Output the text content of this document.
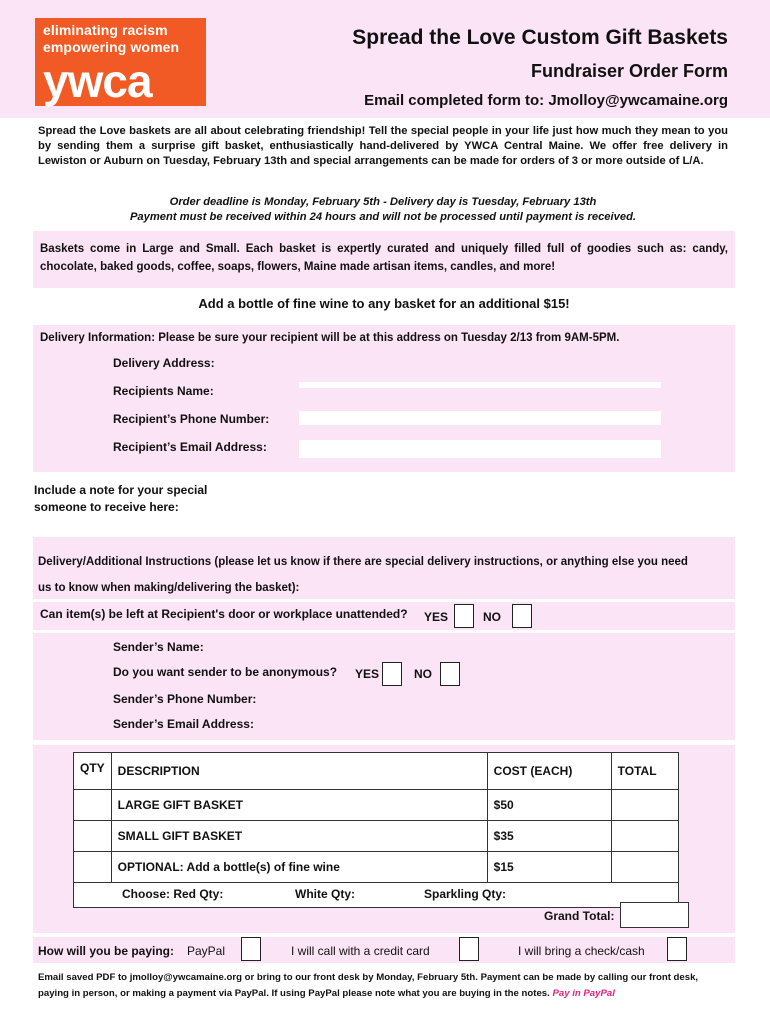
eliminating racism
empowering women
ywca
Spread the Love Custom Gift Baskets
Fundraiser Order Form
Email completed form to: Jmolloy@ywcamaine.org
Spread the Love baskets are all about celebrating friendship! Tell the special people in your life just how much they mean to you by sending them a surprise gift basket, enthusiastically hand-delivered by YWCA Central Maine. We offer free delivery in Lewiston or Auburn on Tuesday, February 13th and special arrangements can be made for orders of 3 or more outside of L/A.
Order deadline is Monday, February 5th - Delivery day is Tuesday, February 13th
Payment must be received within 24 hours and will not be processed until payment is received.
Baskets come in Large and Small. Each basket is expertly curated and uniquely filled full of goodies such as: candy, chocolate, baked goods, coffee, soaps, flowers, Maine made artisan items, candles, and more!
Add a bottle of fine wine to any basket for an additional $15!
Delivery Information: Please be sure your recipient will be at this address on Tuesday 2/13 from 9AM-5PM.
Delivery Address:
Recipients Name:
Recipient’s Phone Number:
Recipient’s Email Address:
Include a note for your special
someone to receive here:
Delivery/Additional Instructions (please let us know if there are special delivery instructions, or anything else you need
us to know when making/delivering the basket):
Can item(s) be left at Recipient's door or workplace unattended? YES	NO
Sender’s Name:
Do you want sender to be anonymous? YES	NO
Sender’s Phone Number:
Sender’s Email Address:
QTY	DESCRIPTION	COST (EACH)	TOTAL
	LARGE GIFT BASKET	$50	
	SMALL GIFT BASKET	$35	
	OPTIONAL: Add a bottle(s) of fine wine	$15	

Choose: Red Qty: White Qty: Sparkling Qty:			
Grand Total:
How will you be paying: PayPal	I will call with a credit card	I will bring a check/cash
Email saved PDF to jmolloy@ywcamaine.org or bring to our front desk by Monday, February 5th. Payment can be made by calling our front desk,
paying in person, or making a payment via PayPal. If using PayPal please note what you are buying in the notes. Pay in PayPal
